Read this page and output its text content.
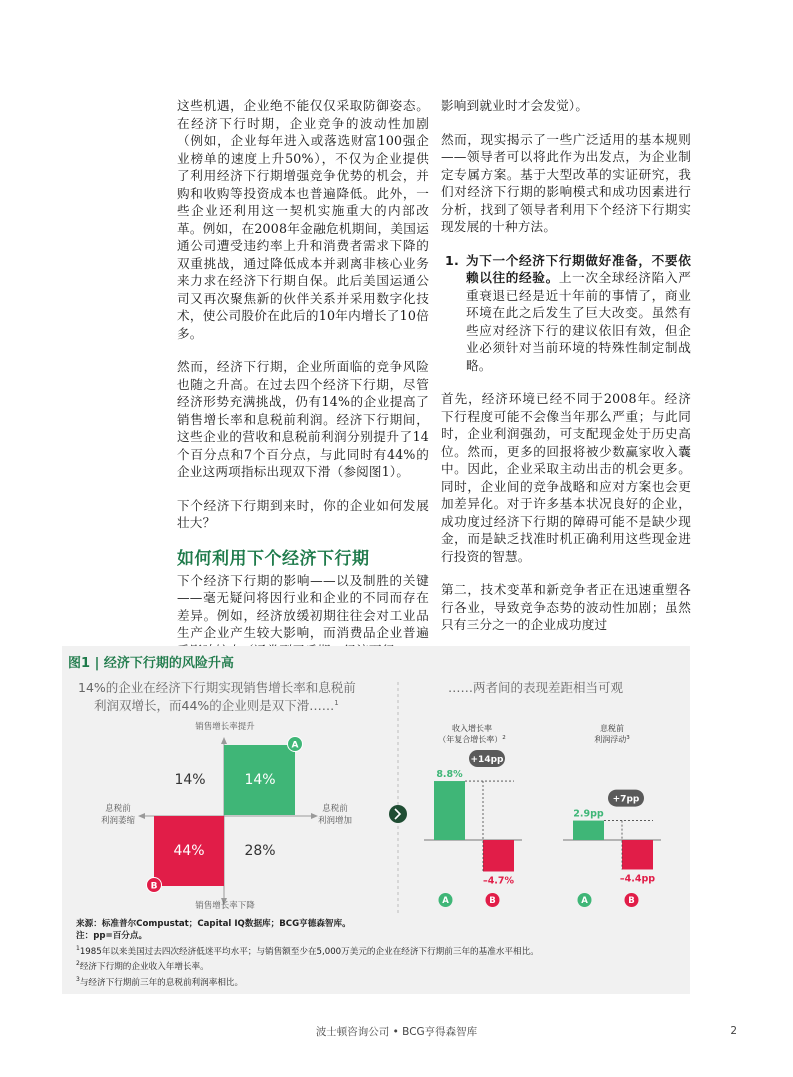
这些机遇，企业绝不能仅仅采取防御姿态。在经济下行时期，企业竞争的波动性加剧（例如，企业每年进入或落选财富100强企业榜单的速度上升50%），不仅为企业提供了利用经济下行期增强竞争优势的机会，并购和收购等投资成本也普遍降低。此外，一些企业还利用这一契机实施重大的内部改革。例如，在2008年金融危机期间，美国运通公司遭受违约率上升和消费者需求下降的双重挑战，通过降低成本并剥离非核心业务来力求在经济下行期自保。此后美国运通公司又再次聚焦新的伙伴关系并采用数字化技术，使公司股价在此后的10年内增长了10倍多。

然而，经济下行期，企业所面临的竞争风险也随之升高。在过去四个经济下行期，尽管经济形势充满挑战，仍有14%的企业提高了销售增长率和息税前利润。经济下行期间，这些企业的营收和息税前利润分别提升了14个百分点和7个百分点，与此同时有44%的企业这两项指标出现双下滑（参阅图1）。

下个经济下行期到来时，你的企业如何发展壮大？

如何利用下个经济下行期

下个经济下行期的影响——以及制胜的关键——毫无疑问将因行业和企业的不同而存在差异。例如，经济放缓初期往往会对工业品生产企业产生较大影响，而消费品企业普遍

影响到就业时才会发觉）。

然而，现实揭示了一些广泛适用的基本规则——领导者可以将此作为出发点，为企业制定专属方案。基于大型改革的实证研究，我们对经济下行期的影响模式和成功因素进行分析，找到了领导者利用下个经济下行期实现发展的十种方法。

1. 为下一个经济下行期做好准备，不要依赖以往的经验。上一次全球经济陷入严重衰退已经是近十年前的事情了，商业环境在此之后发生了巨大改变。虽然有些应对经济下行的建议依旧有效，但企业必须针对当前环境的特殊性制定制战略。

首先，经济环境已经不同于2008年。经济下行程度可能不会像当年那么严重；与此同时，企业利润强劲，可支配现金处于历史高位。然而，更多的回报将被少数赢家收入囊中。因此，企业采取主动出击的机会更多。同时，企业间的竞争战略和应对方案也会更加差异化。对于许多基本状况良好的企业，成功度过经济下行期的障碍可能不是缺少现金，而是缺乏找准时机正确利用这些现金进行投资的智慧。

第二，技术变革和新竞争者正在迅速重塑各行各业，导致竞争态势的波动性加剧；虽然只有三分之一的企业成功度过

14%的企业在经济下行期实现销售增长率和息税前
利润双增长，而44%的企业则是双下滑……$^1$
……两者间的表现差距相当可观
销售增长率提升
销售增长率下降
息税前
利润萎缩
息税前
利润增加
14%	14%
44%	28%
A
B
收入增长率
（年复合增长率）$^2$
息税前
利润浮动$^3$
8.8%
–4.7%
+14pp
A	B
2.9pp
–4.4pp
+7pp
A	B
图1 | 经济下行期的风险升高
来源：标准普尔Compustat；Capital IQ数据库；BCG亨德森智库。
注：pp=百分点。
$^1$1985年以来美国过去四次经济低迷平均水平；与销售额至少在5,000万美元的企业在经济下行期前三年的基准水平相比。
$^2$经济下行期的企业收入年增长率。
$^3$与经济下行期前三年的息税前利润率相比。
波士顿咨询公司 • BCG亨得森智库	2
